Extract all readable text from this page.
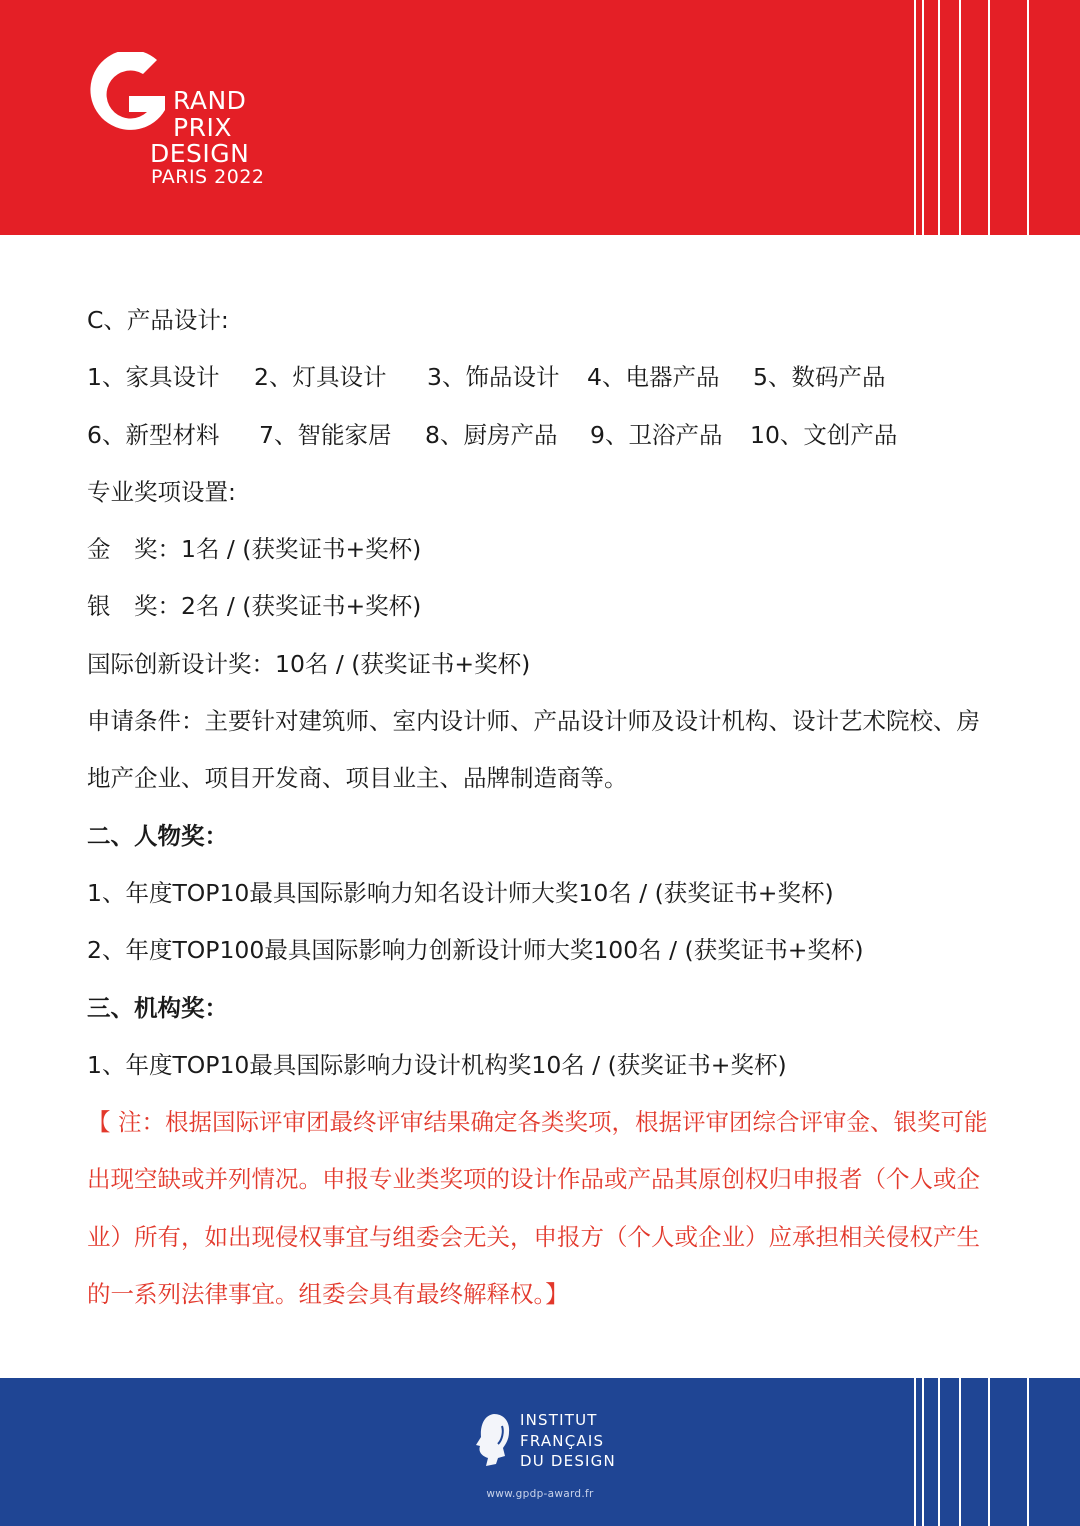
RAND
PRIX
DESIGN
PARIS 2022
C、产品设计:
1、家具设计 2、灯具设计 3、饰品设计 4、电器产品 5、数码产品
6、新型材料 7、智能家居 8、厨房产品 9、卫浴产品 10、文创产品
专业奖项设置:
金　奖：1名 / (获奖证书+奖杯)
银　奖：2名 / (获奖证书+奖杯)
国际创新设计奖：10名 / (获奖证书+奖杯)
申请条件：主要针对建筑师、室内设计师、产品设计师及设计机构、设计艺术院校、房
地产企业、项目开发商、项目业主、品牌制造商等。
二、人物奖：
1、年度TOP10最具国际影响力知名设计师大奖10名 / (获奖证书+奖杯)
2、年度TOP100最具国际影响力创新设计师大奖100名 / (获奖证书+奖杯)
三、机构奖：
1、年度TOP10最具国际影响力设计机构奖10名 / (获奖证书+奖杯)
【 注：根据国际评审团最终评审结果确定各类奖项，根据评审团综合评审金、银奖可能
出现空缺或并列情况。申报专业类奖项的设计作品或产品其原创权归申报者（个人或企
业）所有，如出现侵权事宜与组委会无关，申报方（个人或企业）应承担相关侵权产生
的一系列法律事宜。组委会具有最终解释权。】
INSTITUT
FRANÇAIS
DU DESIGN
www.gpdp-award.fr
